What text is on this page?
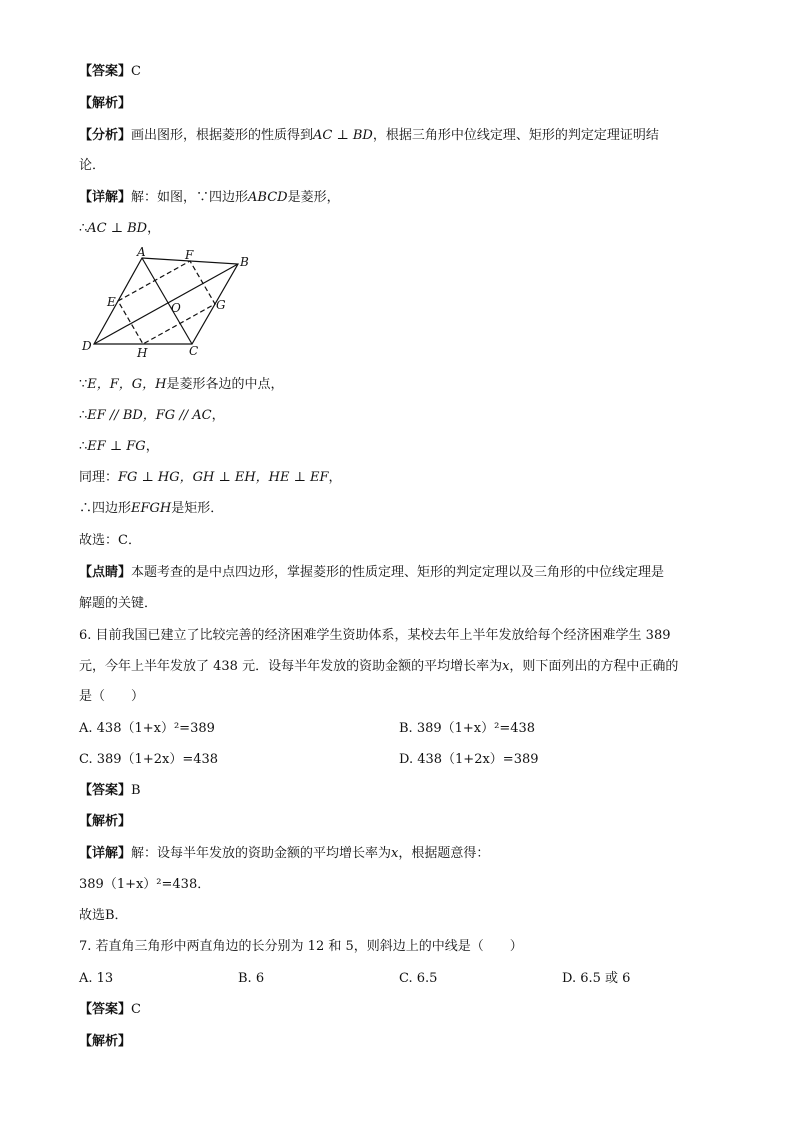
【答案】C
【解析】
【分析】画出图形，根据菱形的性质得到AC ⊥ BD，根据三角形中位线定理、矩形的判定定理证明结
论．
【详解】解：如图，∵四边形ABCD是菱形，
∴AC ⊥ BD，
A	F	B
E	O	G
D	H	C
∵E，F，G，H是菱形各边的中点，
∴EF // BD，FG // AC，
∴EF ⊥ FG，
同理：FG ⊥ HG，GH ⊥ EH，HE ⊥ EF，
∴四边形EFGH是矩形．
故选：C．
【点睛】本题考查的是中点四边形，掌握菱形的性质定理、矩形的判定定理以及三角形的中位线定理是
解题的关键．
6. 目前我国已建立了比较完善的经济困难学生资助体系，某校去年上半年发放给每个经济困难学生 389
元，今年上半年发放了 438 元．设每半年发放的资助金额的平均增长率为x，则下面列出的方程中正确的
是（　　）
A. 438（1+x）²=389	B. 389（1+x）²=438
C. 389（1+2x）=438	D. 438（1+2x）=389
【答案】B
【解析】
【详解】解：设每半年发放的资助金额的平均增长率为x，根据题意得：
389（1+x）²=438．
故选B．
7. 若直角三角形中两直角边的长分别为 12 和 5，则斜边上的中线是（　　）
A. 13	B. 6	C. 6.5	D. 6.5 或 6
【答案】C
【解析】
